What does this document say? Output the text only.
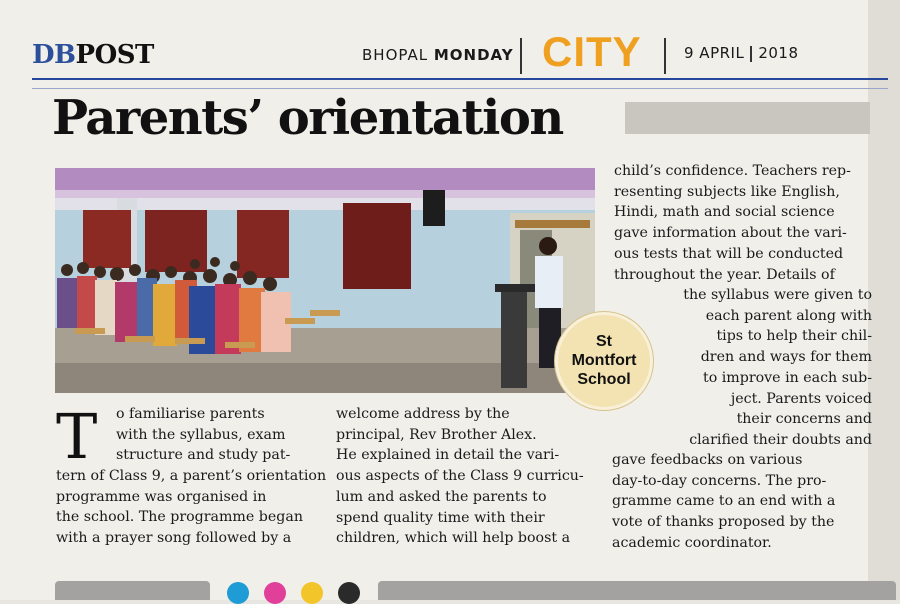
DBPOST	BHOPAL MONDAY CITY	9 APRIL 2018
Parents’ orientation
St
Montfort
School
T o familiarise parents

with the syllabus, exam

structure and study pat-

tern of Class 9, a parent’s orientation

programme was organised in

the school. The programme began

with a prayer song followed by a

welcome address by the

principal, Rev Brother Alex.

He explained in detail the vari-

ous aspects of the Class 9 curricu-

lum and asked the parents to

spend quality time with their

children, which will help boost a

child’s confidence. Teachers rep-

resenting subjects like English,

Hindi, math and social science

gave information about the vari-

ous tests that will be conducted

throughout the year. Details of

the syllabus were given to

each parent along with

tips to help their chil-

dren and ways for them

to improve in each sub-

ject. Parents voiced

their concerns and

clarified their doubts and

gave feedbacks on various

day-to-day concerns. The pro-

gramme came to an end with a

vote of thanks proposed by the

academic coordinator.
